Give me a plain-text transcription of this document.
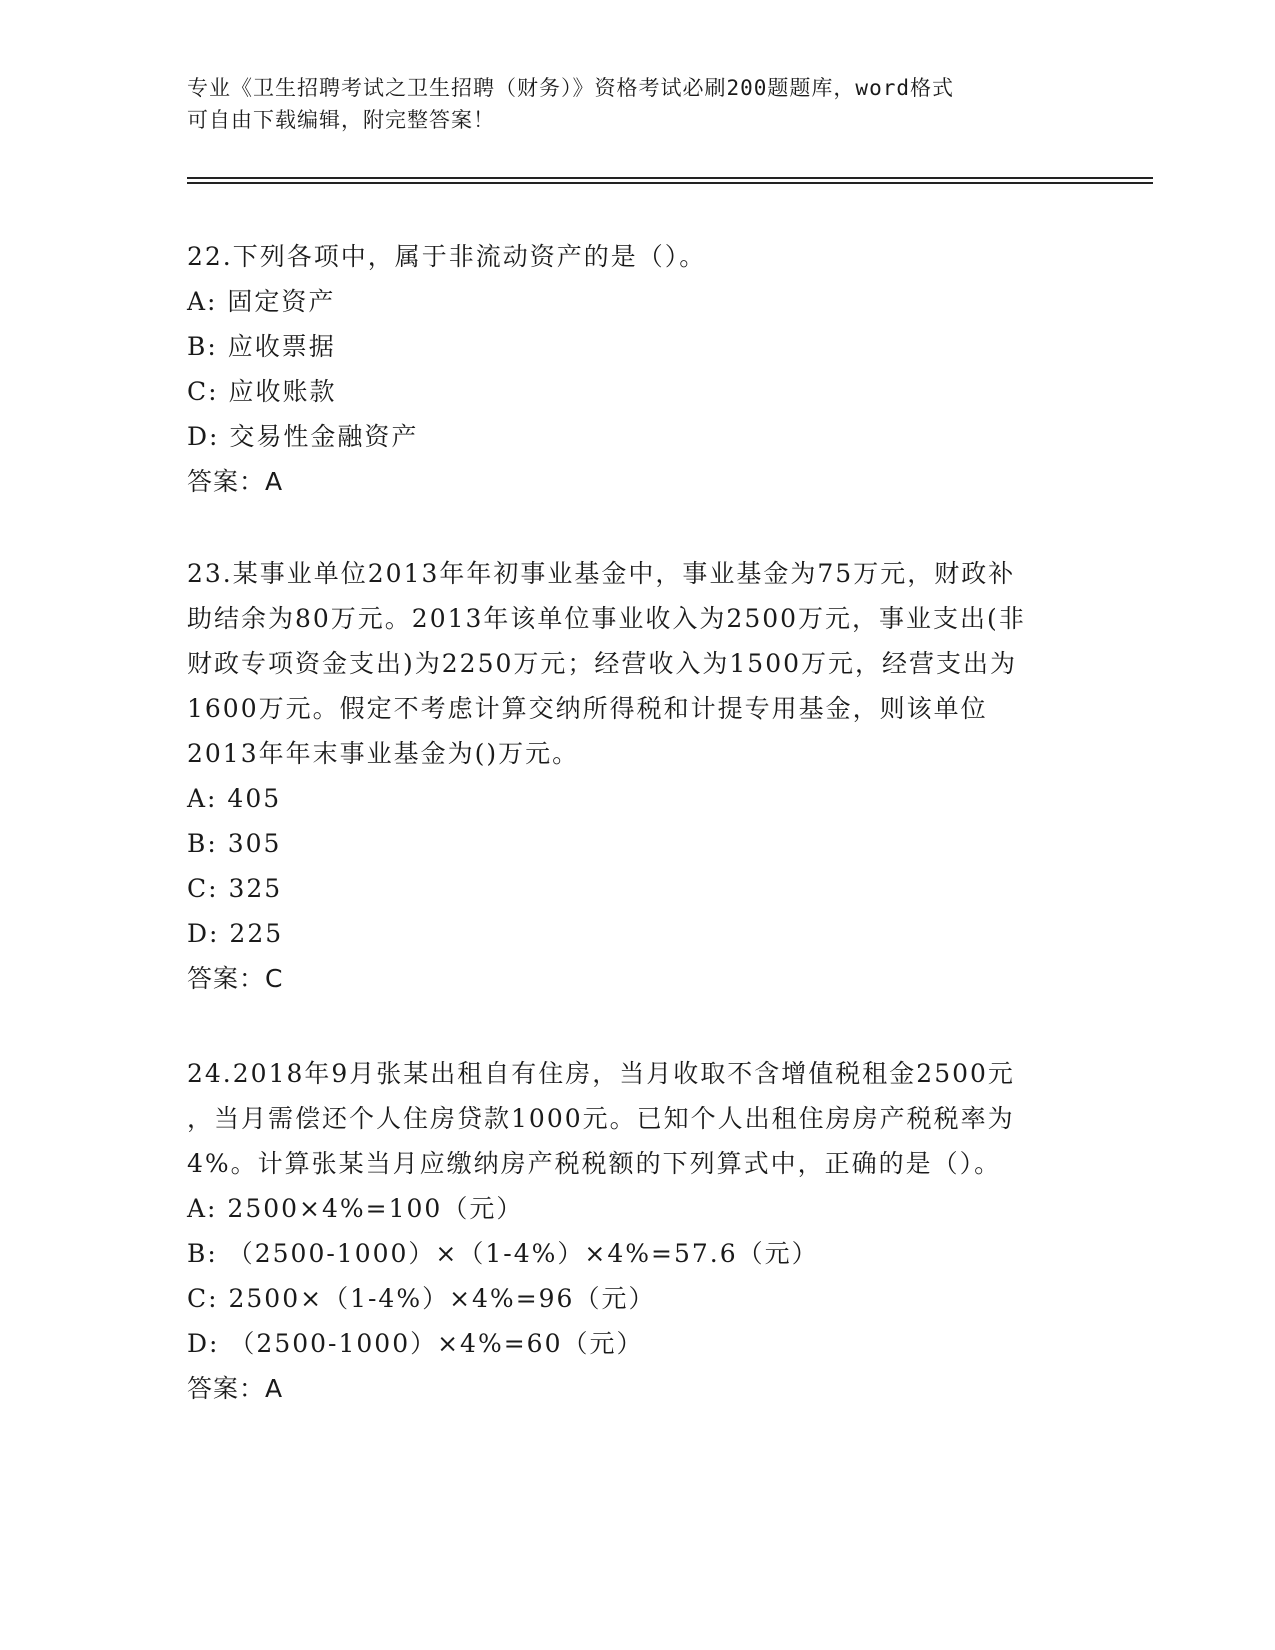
专业《卫生招聘考试之卫生招聘（财务）》资格考试必刷200题题库，word格式
可自由下载编辑，附完整答案！
22.下列各项中，属于非流动资产的是（）。
A: 固定资产
B: 应收票据
C: 应收账款
D: 交易性金融资产
答案：A
23.某事业单位2013年年初事业基金中，事业基金为75万元，财政补
助结余为80万元。2013年该单位事业收入为2500万元，事业支出(非
财政专项资金支出)为2250万元；经营收入为1500万元，经营支出为
1600万元。假定不考虑计算交纳所得税和计提专用基金，则该单位
2013年年末事业基金为()万元。
A: 405
B: 305
C: 325
D: 225
答案：C
24.2018年9月张某出租自有住房，当月收取不含增值税租金2500元
，当月需偿还个人住房贷款1000元。已知个人出租住房房产税税率为
4%。计算张某当月应缴纳房产税税额的下列算式中，正确的是（）。
A: 2500×4%=100（元）
B: （2500-1000）×（1-4%）×4%=57.6（元）
C: 2500×（1-4%）×4%=96（元）
D: （2500-1000）×4%=60（元）
答案：A
